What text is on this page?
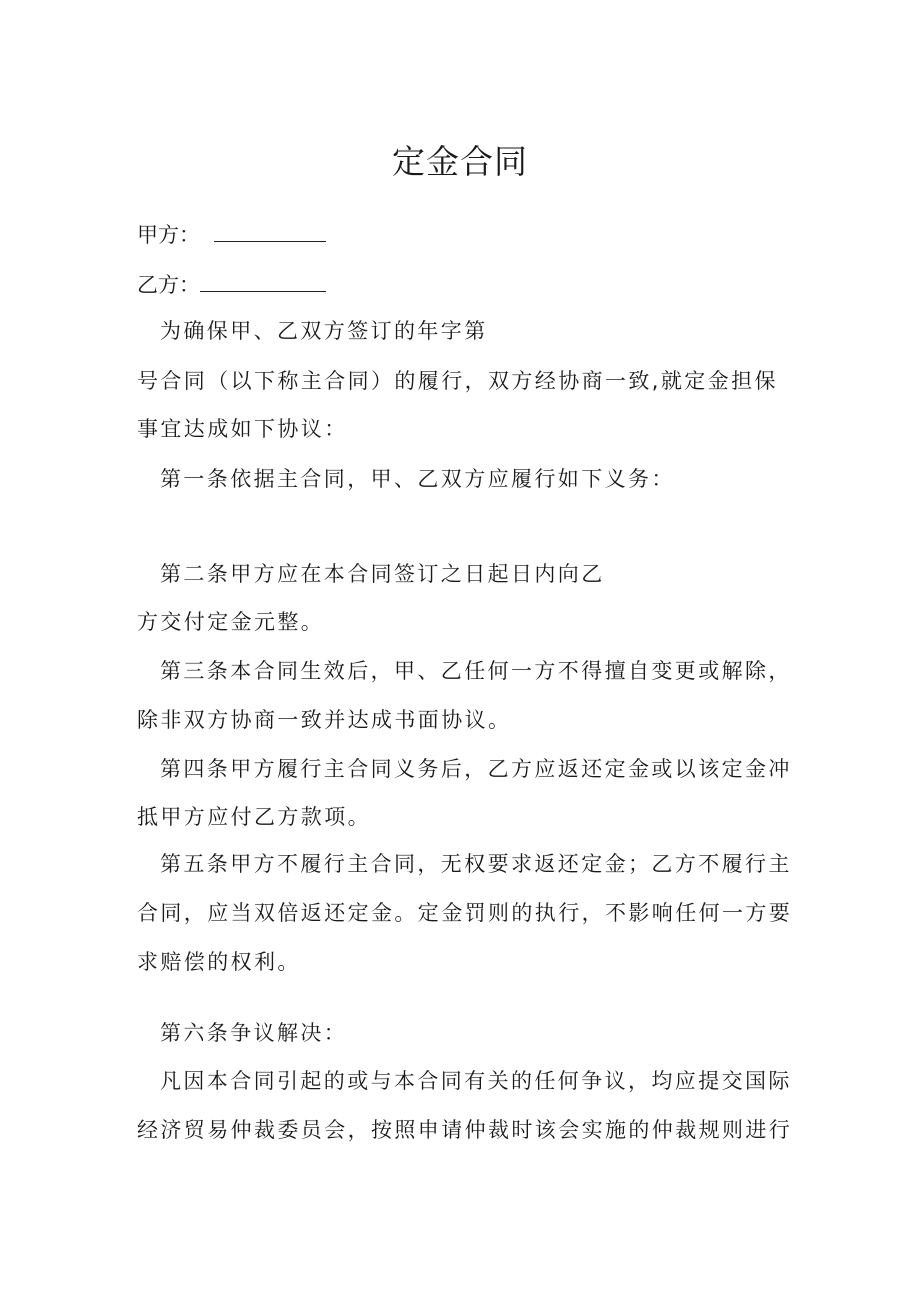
定金合同
甲方：
乙方：
为确保甲、乙双方签订的年字第
号合同（以下称主合同）的履行，双方经协商一致,就定金担保
事宜达成如下协议：
第一条依据主合同，甲、乙双方应履行如下义务：
第二条甲方应在本合同签订之日起日内向乙
方交付定金元整。
第三条本合同生效后，甲、乙任何一方不得擅自变更或解除，
除非双方协商一致并达成书面协议。
第四条甲方履行主合同义务后，乙方应返还定金或以该定金冲
抵甲方应付乙方款项。
第五条甲方不履行主合同，无权要求返还定金；乙方不履行主
合同，应当双倍返还定金。定金罚则的执行，不影响任何一方要
求赔偿的权利。
第六条争议解决：
凡因本合同引起的或与本合同有关的任何争议，均应提交国际
经济贸易仲裁委员会，按照申请仲裁时该会实施的仲裁规则进行
